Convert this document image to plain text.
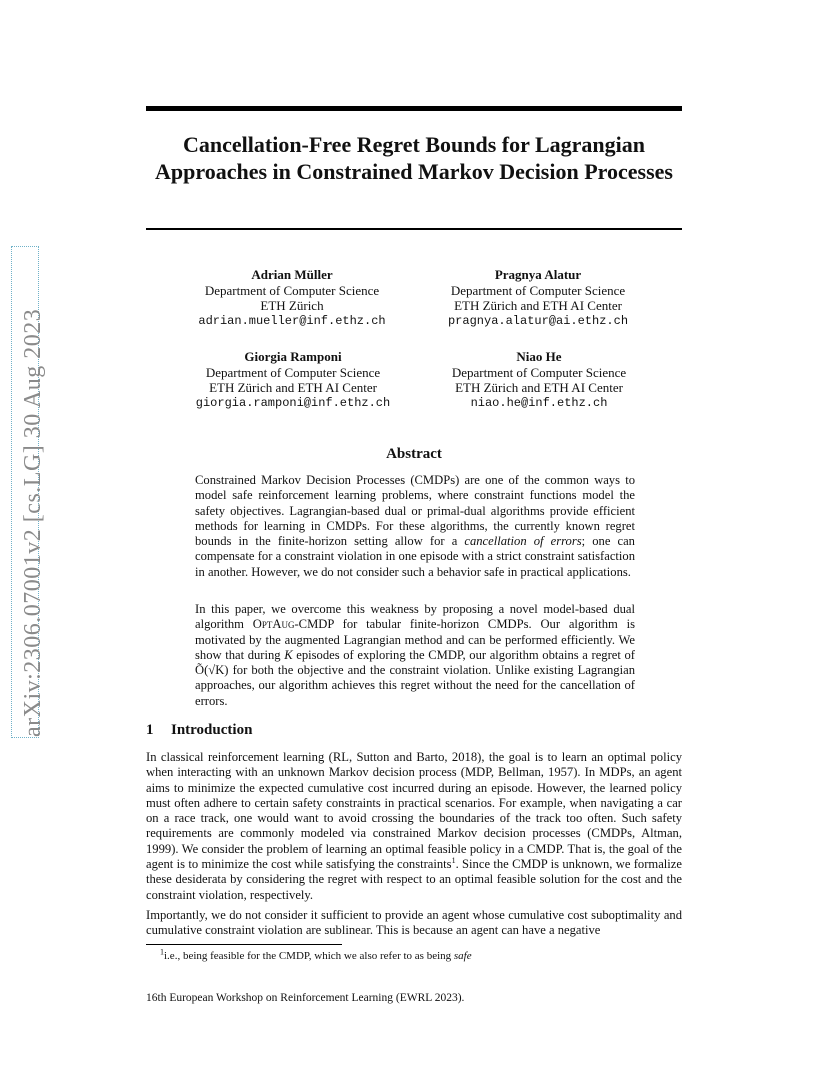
arXiv:2306.07001v2 [cs.LG] 30 Aug 2023
Cancellation-Free Regret Bounds for Lagrangian Approaches in Constrained Markov Decision Processes
Adrian Müller
Department of Computer Science
ETH Zürich
adrian.mueller@inf.ethz.ch
Pragnya Alatur
Department of Computer Science
ETH Zürich and ETH AI Center
pragnya.alatur@ai.ethz.ch
Giorgia Ramponi
Department of Computer Science
ETH Zürich and ETH AI Center
giorgia.ramponi@inf.ethz.ch
Niao He
Department of Computer Science
ETH Zürich and ETH AI Center
niao.he@inf.ethz.ch
Abstract

Constrained Markov Decision Processes (CMDPs) are one of the common ways to model safe reinforcement learning problems, where constraint functions model the safety objectives. Lagrangian-based dual or primal-dual algorithms provide efficient methods for learning in CMDPs. For these algorithms, the currently known regret bounds in the finite-horizon setting allow for a cancellation of errors; one can compensate for a constraint violation in one episode with a strict constraint satisfaction in another. However, we do not consider such a behavior safe in practical applications.

In this paper, we overcome this weakness by proposing a novel model-based dual algorithm OptAug-CMDP for tabular finite-horizon CMDPs. Our algorithm is motivated by the augmented Lagrangian method and can be performed efficiently. We show that during K episodes of exploring the CMDP, our algorithm obtains a regret of Õ(√K) for both the objective and the constraint violation. Unlike existing Lagrangian approaches, our algorithm achieves this regret without the need for the cancellation of errors.

1 Introduction

In classical reinforcement learning (RL, Sutton and Barto, 2018), the goal is to learn an optimal policy when interacting with an unknown Markov decision process (MDP, Bellman, 1957). In MDPs, an agent aims to minimize the expected cumulative cost incurred during an episode. However, the learned policy must often adhere to certain safety constraints in practical scenarios. For example, when navigating a car on a race track, one would want to avoid crossing the boundaries of the track too often. Such safety requirements are commonly modeled via constrained Markov decision processes (CMDPs, Altman, 1999). We consider the problem of learning an optimal feasible policy in a CMDP. That is, the goal of the agent is to minimize the cost while satisfying the constraints$^1$. Since the CMDP is unknown, we formalize these desiderata by considering the regret with respect to an optimal feasible solution for the cost and the constraint violation, respectively.

Importantly, we do not consider it sufficient to provide an agent whose cumulative cost suboptimality and cumulative constraint violation are sublinear. This is because an agent can have a negative

$^1$i.e., being feasible for the CMDP, which we also refer to as being safe
16th European Workshop on Reinforcement Learning (EWRL 2023).
